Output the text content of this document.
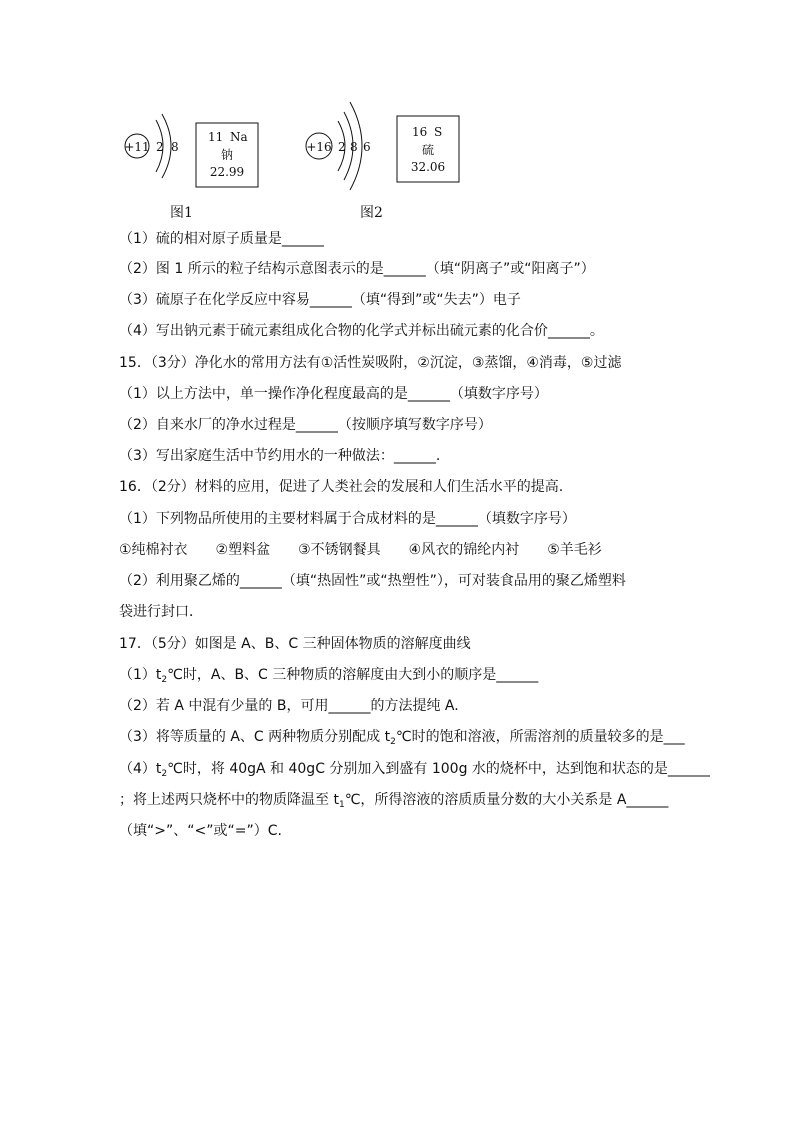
+11 2 8
11 Na
钠
22.99
图1
+16 2 8 6
16 S
硫
32.06
图2
（1）硫的相对原子质量是______
（2）图 1 所示的粒子结构示意图表示的是______（填“阴离子”或“阳离子”）
（3）硫原子在化学反应中容易______（填“得到”或“失去”）电子
（4）写出钠元素于硫元素组成化合物的化学式并标出硫元素的化合价______。
15．（3分）净化水的常用方法有①活性炭吸附，②沉淀，③蒸馏，④消毒，⑤过滤
（1）以上方法中，单一操作净化程度最高的是______（填数字序号）
（2）自来水厂的净水过程是______（按顺序填写数字序号）
（3）写出家庭生活中节约用水的一种做法：______.
16．（2分）材料的应用，促进了人类社会的发展和人们生活水平的提高.
（1）下列物品所使用的主要材料属于合成材料的是______（填数字序号）
①纯棉衬衣　　②塑料盆　　③不锈钢餐具　　④风衣的锦纶内衬　　⑤羊毛衫
（2）利用聚乙烯的______（填“热固性”或“热塑性”），可对装食品用的聚乙烯塑料
袋进行封口．
17．（5分）如图是 A、B、C 三种固体物质的溶解度曲线
$(1)t_2℃$时，A、B、C 三种物质的溶解度由大到小的顺序是______
（2）若 A 中混有少量的 B，可用______的方法提纯 A.
（3）将等质量的 A、C 两种物质分别配成 $t_2℃$时的饱和溶液，所需溶剂的质量较多的是___
$(4)t_2℃$时，将 40gA 和 40gC 分别加入到盛有 100g 水的烧杯中，达到饱和状态的是______
；将上述两只烧杯中的物质降温至 $t_1℃$，所得溶液的溶质质量分数的大小关系是 A______
（填“>”、“<”或“=”）C.
